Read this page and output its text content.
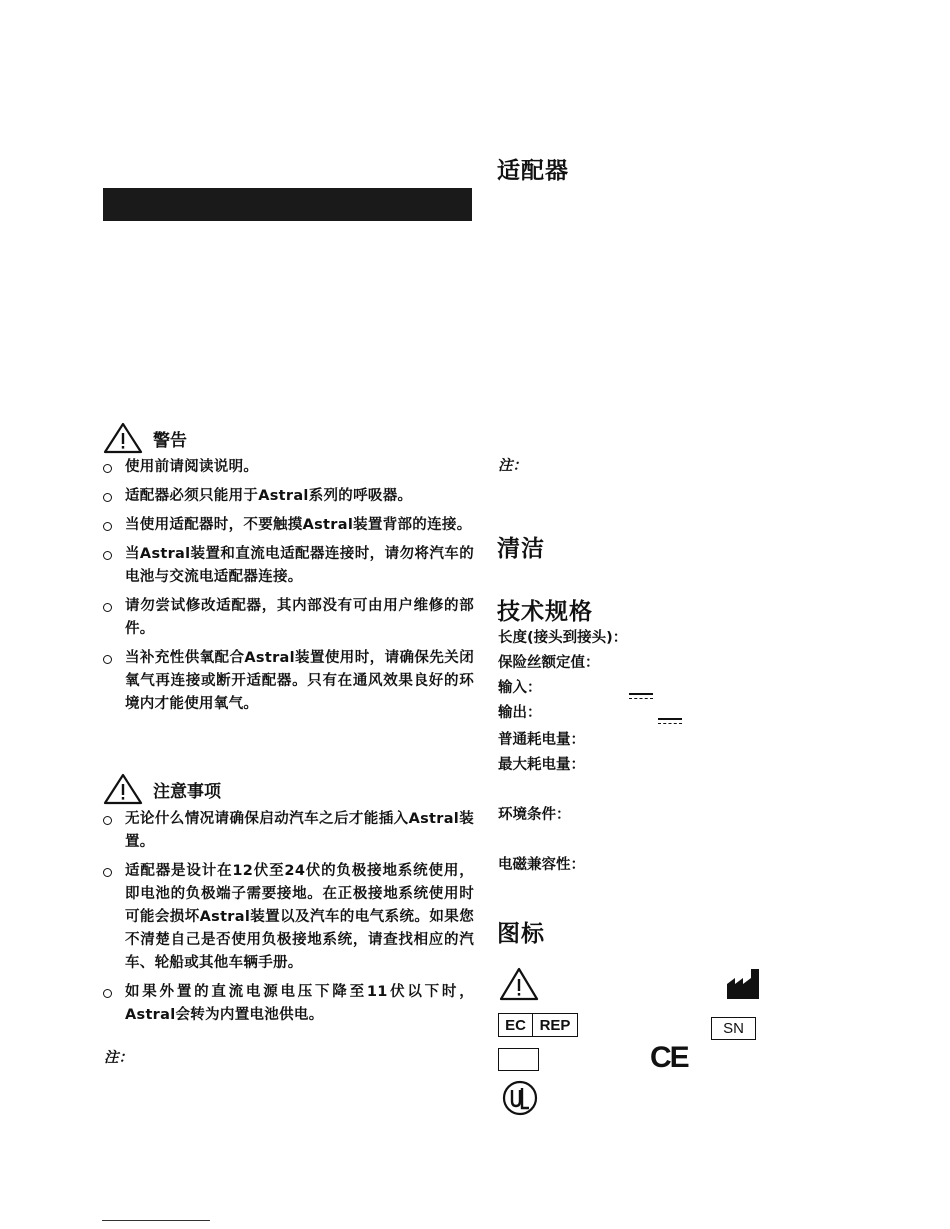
警告
使用前请阅读说明。
适配器必须只能用于Astral系列的呼吸器。
当使用适配器时，不要触摸Astral装置背部的连接。
当Astral装置和直流电适配器连接时，请勿将汽车的电池与交流电适配器连接。
请勿尝试修改适配器，其内部没有可由用户维修的部件。
当补充性供氧配合Astral装置使用时，请确保先关闭氧气再连接或断开适配器。只有在通风效果良好的环境内才能使用氧气。
注意事项
无论什么情况请确保启动汽车之后才能插入Astral装置。
适配器是设计在12伏至24伏的负极接地系统使用，即电池的负极端子需要接地。在正极接地系统使用时可能会损坏Astral装置以及汽车的电气系统。如果您不清楚自己是否使用负极接地系统，请查找相应的汽车、轮船或其他车辆手册。
如果外置的直流电源电压下降至11伏以下时，Astral会转为内置电池供电。
注：
适配器
注：
清洁
技术规格
长度(接头到接头)：
保险丝额定值：
输入：

输出：
普通耗电量：
最大耗电量：
环境条件：
电磁兼容性：
图标
EC REP	SN
CE
